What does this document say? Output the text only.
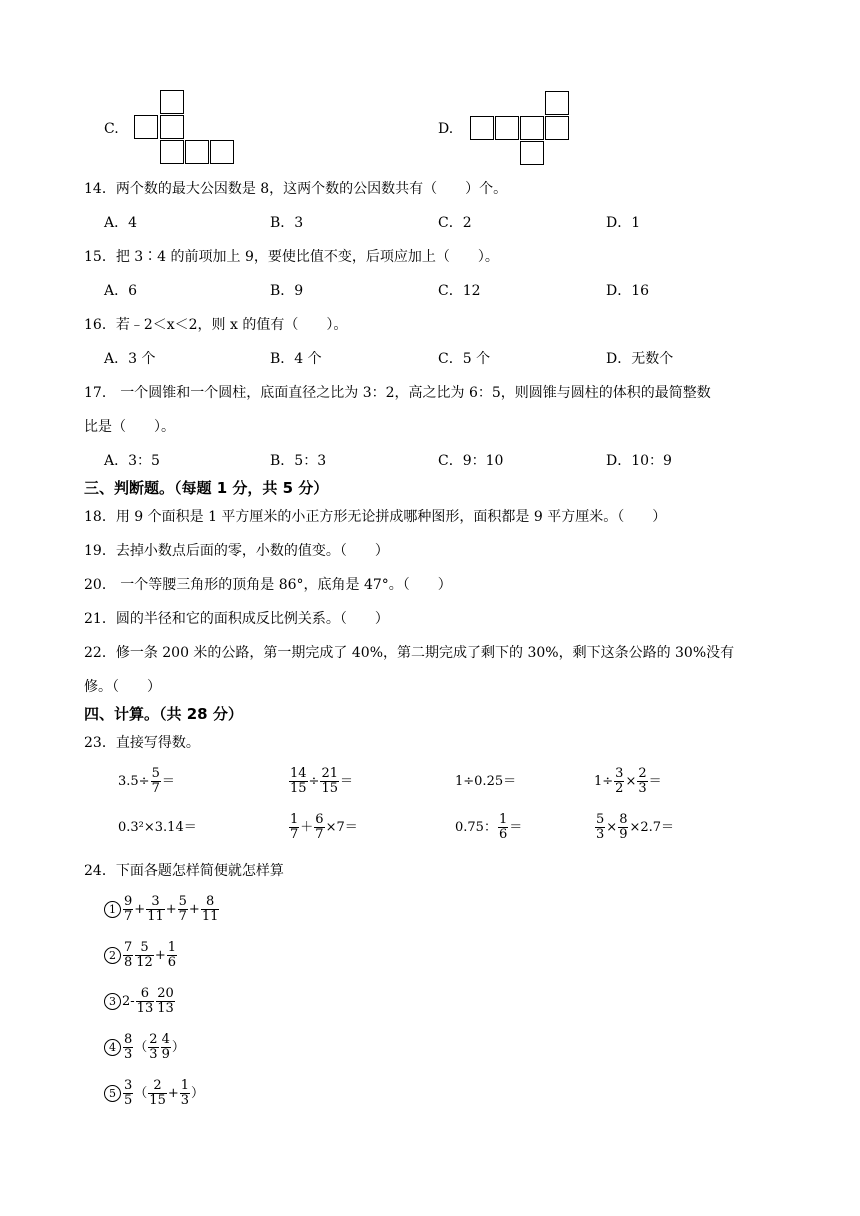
C.	D.
14．两个数的最大公因数是 8，这两个数的公因数共有（　　）个。
A．4	B．3	C．2	D．1
15．把 3∶4 的前项加上 9，要使比值不变，后项应加上（　　）。
A．6	B．9	C．12	D．16
16．若﹣2＜x＜2，则 x 的值有（　　）。
A．3 个	B．4 个	C．5 个	D．无数个
17． 一个圆锥和一个圆柱，底面直径之比为 3：2，高之比为 6：5，则圆锥与圆柱的体积的最简整数
比是（　　）。
A．3：5	B．5：3	C．9：10	D．10：9
三、判断题。（每题 1 分，共 5 分）
18．用 9 个面积是 1 平方厘米的小正方形无论拼成哪种图形，面积都是 9 平方厘米。（　　）
19．去掉小数点后面的零，小数的值变。（　　）
20． 一个等腰三角形的顶角是 86°，底角是 47°。（　　）
21．圆的半径和它的面积成反比例关系。（　　）
22．修一条 200 米的公路，第一期完成了 40%，第二期完成了剩下的 30%，剩下这条公路的 30%没有
修。（　　）
四、计算。（共 28 分）
23．直接写得数。
$3.5\div \frac{5}{7}$ ＝	$\frac{14}{15} \div \frac{21}{15}$ ＝	1÷0.25＝	$1\div \frac{3}{2} \times \frac{2}{3}$ ＝
0.3²×3.14＝	$\frac{1}{7} + \frac{6}{7} \times 7=$	0.75： $\frac{1}{6}$ ＝	$\frac{5}{3} \times \frac{8}{9} \times 2.7=$
24．下面各题怎样简便就怎样算
$1 \frac{9}{7} + \frac{3}{11} + \frac{5}{7} + \frac{8}{11}$
$2 \frac{7}{8} \frac{5}{12} + \frac{1}{6}$
3 $2- \frac{6}{13} \frac{20}{13}$
$4 \frac{8}{3}$ （ $\frac{2}{3} \frac{4}{9}$ ）
$5 \frac{3}{5}$ （ $\frac{2}{15} + \frac{1}{3}$ ）
